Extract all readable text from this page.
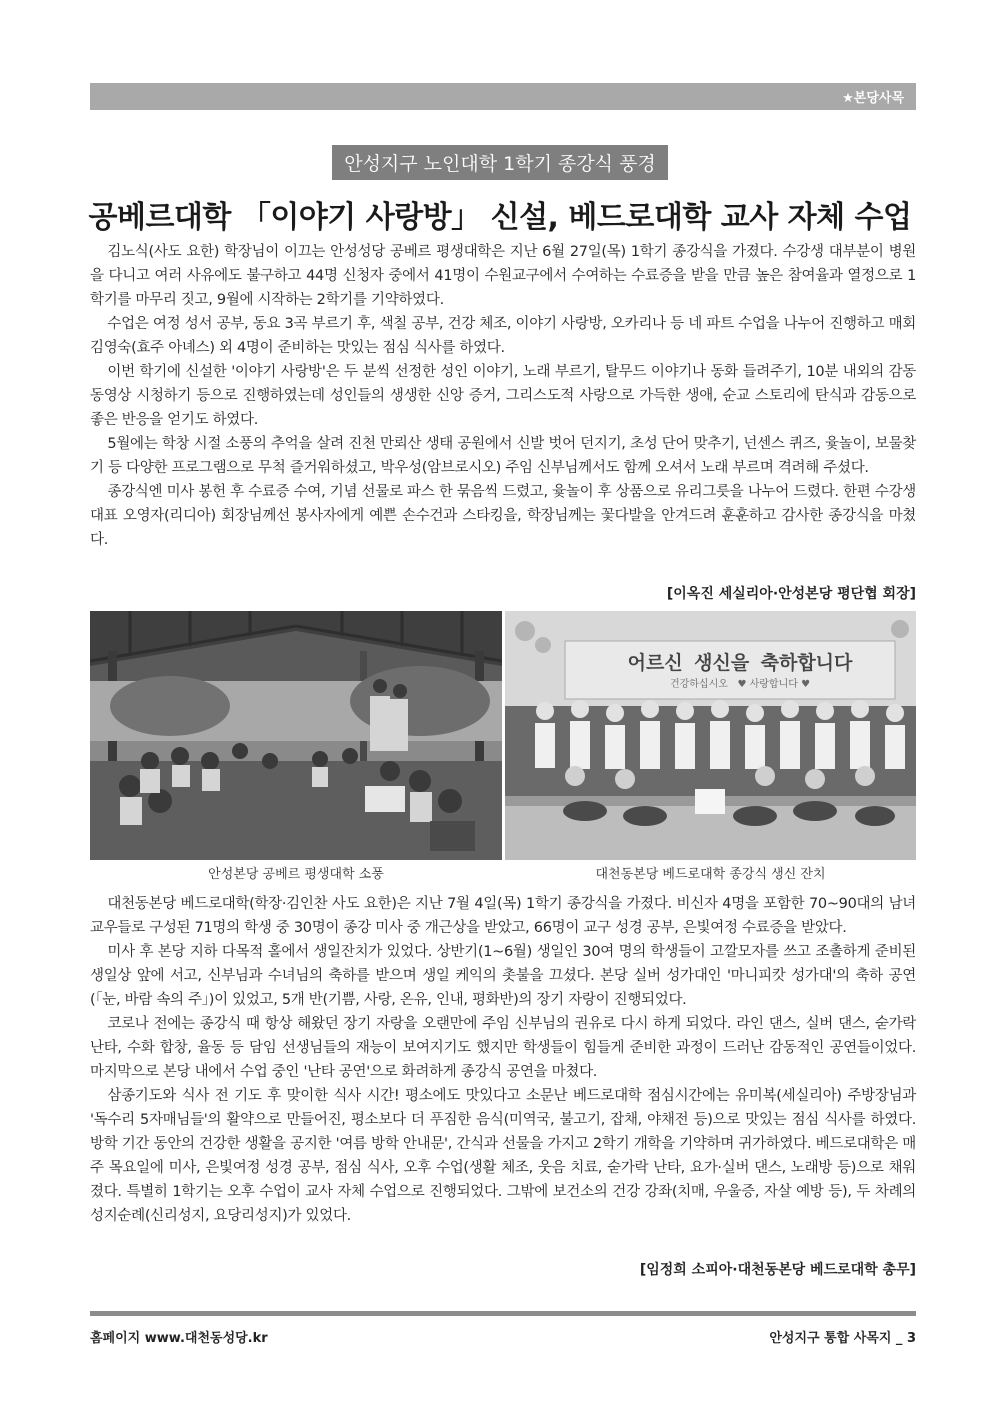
★본당사목
안성지구 노인대학 1학기 종강식 풍경
공베르대학 「이야기 사랑방」 신설, 베드로대학 교사 자체 수업

김노식(사도 요한) 학장님이 이끄는 안성성당 공베르 평생대학은 지난 6월 27일(목) 1학기 종강식을 가졌다. 수강생 대부분이 병원을 다니고 여러 사유에도 불구하고 44명 신청자 중에서 41명이 수원교구에서 수여하는 수료증을 받을 만큼 높은 참여율과 열정으로 1학기를 마무리 짓고, 9월에 시작하는 2학기를 기약하였다.

수업은 여정 성서 공부, 동요 3곡 부르기 후, 색칠 공부, 건강 체조, 이야기 사랑방, 오카리나 등 네 파트 수업을 나누어 진행하고 매회 김영숙(효주 아녜스) 외 4명이 준비하는 맛있는 점심 식사를 하였다.

이번 학기에 신설한 '이야기 사랑방'은 두 분씩 선정한 성인 이야기, 노래 부르기, 탈무드 이야기나 동화 들려주기, 10분 내외의 감동 동영상 시청하기 등으로 진행하였는데 성인들의 생생한 신앙 증거, 그리스도적 사랑으로 가득한 생애, 순교 스토리에 탄식과 감동으로 좋은 반응을 얻기도 하였다.

5월에는 학창 시절 소풍의 추억을 살려 진천 만뢰산 생태 공원에서 신발 벗어 던지기, 초성 단어 맞추기, 넌센스 퀴즈, 윷놀이, 보물찾기 등 다양한 프로그램으로 무척 즐거워하셨고, 박우성(암브로시오) 주임 신부님께서도 함께 오셔서 노래 부르며 격려해 주셨다.

종강식엔 미사 봉헌 후 수료증 수여, 기념 선물로 파스 한 묶음씩 드렸고, 윷놀이 후 상품으로 유리그릇을 나누어 드렸다. 한편 수강생 대표 오영자(리디아) 회장님께선 봉사자에게 예쁜 손수건과 스타킹을, 학장님께는 꽃다발을 안겨드려 훈훈하고 감사한 종강식을 마쳤다.

[이옥진 세실리아·안성본당 평단협 회장]
어르신 생신을 축하합니다
건강하십시오   ♥ 사랑합니다 ♥
안성본당 공베르 평생대학 소풍	대천동본당 베드로대학 종강식 생신 잔치

대천동본당 베드로대학(학장·김인찬 사도 요한)은 지난 7월 4일(목) 1학기 종강식을 가졌다. 비신자 4명을 포함한 70~90대의 남녀 교우들로 구성된 71명의 학생 중 30명이 종강 미사 중 개근상을 받았고, 66명이 교구 성경 공부, 은빛여정 수료증을 받았다.

미사 후 본당 지하 다목적 홀에서 생일잔치가 있었다. 상반기(1~6월) 생일인 30여 명의 학생들이 고깔모자를 쓰고 조촐하게 준비된 생일상 앞에 서고, 신부님과 수녀님의 축하를 받으며 생일 케익의 촛불을 끄셨다. 본당 실버 성가대인 '마니피캇 성가대'의 축하 공연(「눈, 바람 속의 주」)이 있었고, 5개 반(기쁨, 사랑, 온유, 인내, 평화반)의 장기 자랑이 진행되었다.

코로나 전에는 종강식 때 항상 해왔던 장기 자랑을 오랜만에 주임 신부님의 권유로 다시 하게 되었다. 라인 댄스, 실버 댄스, 숟가락 난타, 수화 합창, 율동 등 담임 선생님들의 재능이 보여지기도 했지만 학생들이 힘들게 준비한 과정이 드러난 감동적인 공연들이었다. 마지막으로 본당 내에서 수업 중인 '난타 공연'으로 화려하게 종강식 공연을 마쳤다.

삼종기도와 식사 전 기도 후 맞이한 식사 시간! 평소에도 맛있다고 소문난 베드로대학 점심시간에는 유미복(세실리아) 주방장님과 '독수리 5자매님들'의 활약으로 만들어진, 평소보다 더 푸짐한 음식(미역국, 불고기, 잡채, 야채전 등)으로 맛있는 점심 식사를 하였다. 방학 기간 동안의 건강한 생활을 공지한 '여름 방학 안내문', 간식과 선물을 가지고 2학기 개학을 기약하며 귀가하였다. 베드로대학은 매주 목요일에 미사, 은빛여정 성경 공부, 점심 식사, 오후 수업(생활 체조, 웃음 치료, 숟가락 난타, 요가·실버 댄스, 노래방 등)으로 채워졌다. 특별히 1학기는 오후 수업이 교사 자체 수업으로 진행되었다. 그밖에 보건소의 건강 강좌(치매, 우울증, 자살 예방 등), 두 차례의 성지순례(신리성지, 요당리성지)가 있었다.

[임정희 소피아·대천동본당 베드로대학 총무]
홈페이지 www.대천동성당.kr	안성지구 통합 사목지 _ 3
